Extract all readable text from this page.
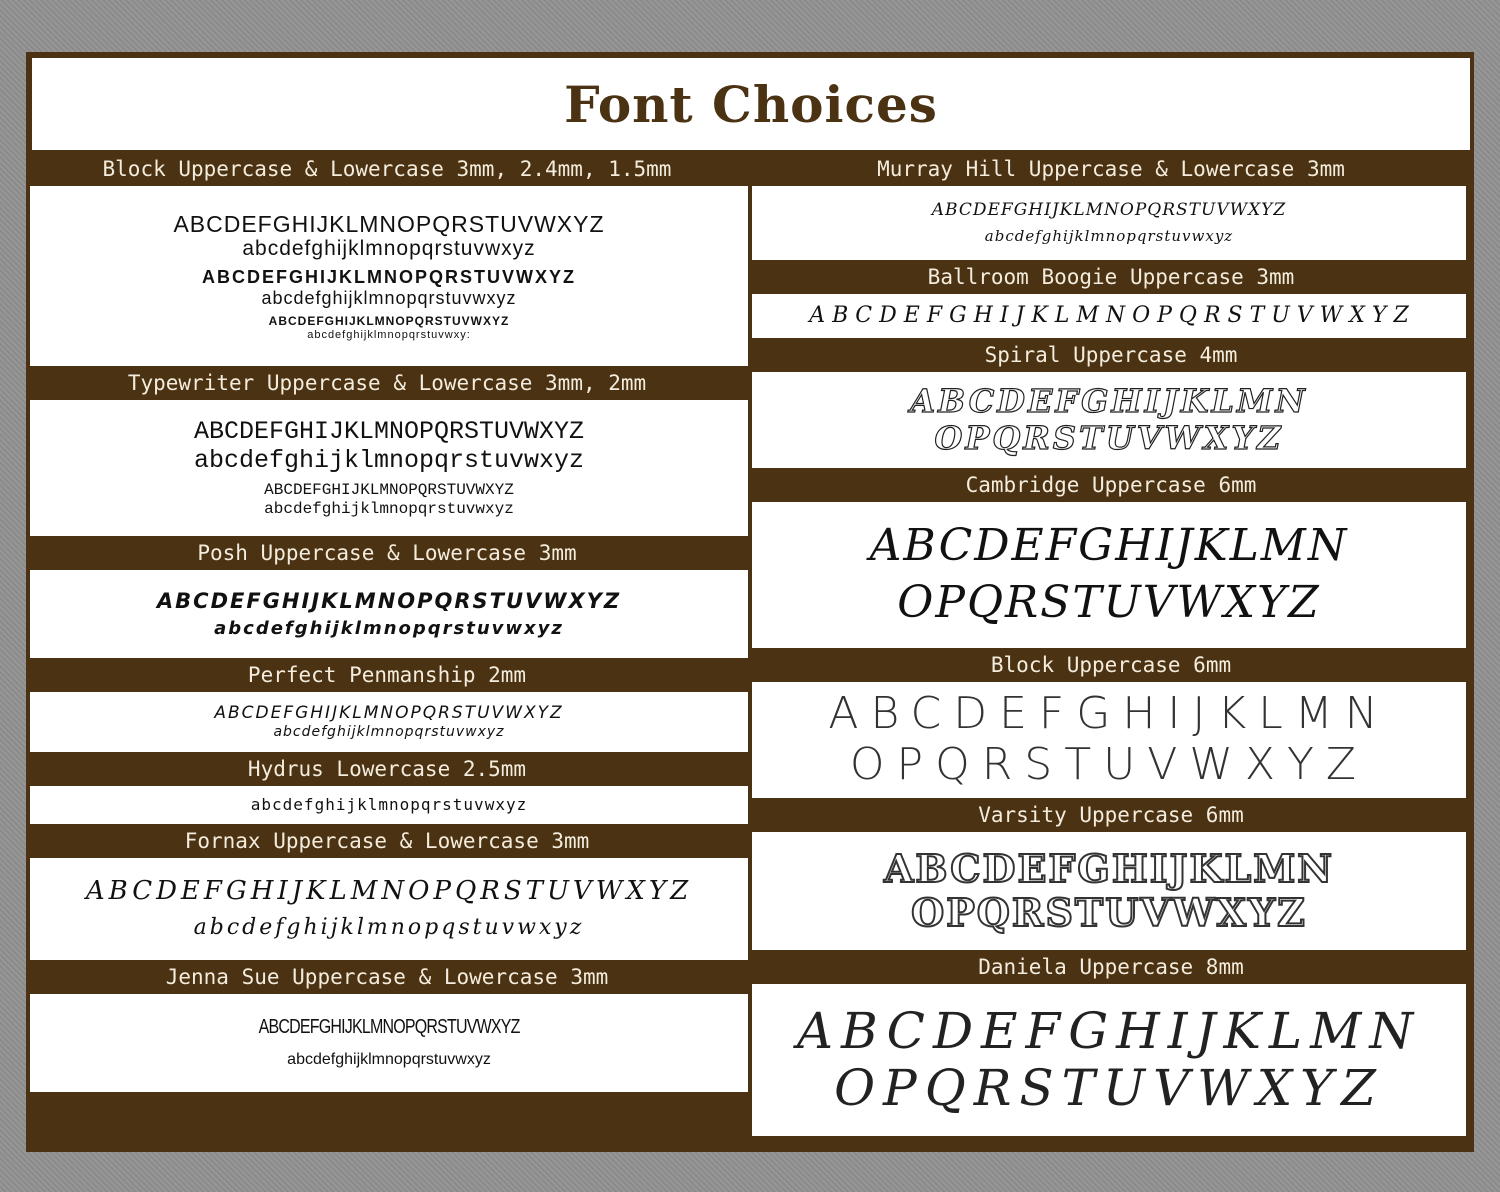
Font Choices
Block Uppercase & Lowercase 3mm, 2.4mm, 1.5mm
ABCDEFGHIJKLMNOPQRSTUVWXYZ
abcdefghijklmnopqrstuvwxyz
ABCDEFGHIJKLMNOPQRSTUVWXYZ
abcdefghijklmnopqrstuvwxyz
ABCDEFGHIJKLMNOPQRSTUVWXYZ
abcdefghijklmnopqrstuvwxy:
Typewriter Uppercase & Lowercase 3mm, 2mm
ABCDEFGHIJKLMNOPQRSTUVWXYZ
abcdefghijklmnopqrstuvwxyz
ABCDEFGHIJKLMNOPQRSTUVWXYZ
abcdefghijklmnopqrstuvwxyz
Posh Uppercase & Lowercase 3mm
ABCDEFGHIJKLMNOPQRSTUVWXYZ
abcdefghijklmnopqrstuvwxyz
Perfect Penmanship 2mm
ABCDEFGHIJKLMNOPQRSTUVWXYZ
abcdefghijklmnopqrstuvwxyz
Hydrus Lowercase 2.5mm
abcdefghijklmnopqrstuvwxyz
Fornax Uppercase & Lowercase 3mm
ABCDEFGHIJKLMNOPQRSTUVWXYZ
abcdefghijklmnopqstuvwxyz
Jenna Sue Uppercase & Lowercase 3mm
ABCDEFGHIJKLMNOPQRSTUVWXYZ
abcdefghijklmnopqrstuvwxyz
Murray Hill Uppercase & Lowercase 3mm
ABCDEFGHIJKLMNOPQRSTUVWXYZ
abcdefghijklmnopqrstuvwxyz
Ballroom Boogie Uppercase 3mm
A B C D E F G H I J K L M N O P Q R S T U V W X Y Z
Spiral Uppercase 4mm
ABCDEFGHIJKLMN
OPQRSTUVWXYZ
Cambridge Uppercase 6mm
ABCDEFGHIJKLMN
OPQRSTUVWXYZ
Block Uppercase 6mm
ABCDEFGHIJKLMN
OPQRSTUVWXYZ
Varsity Uppercase 6mm
ABCDEFGHIJKLMN
OPQRSTUVWXYZ
Daniela Uppercase 8mm
ABCDEFGHIJKLMN
OPQRSTUVWXYZ
